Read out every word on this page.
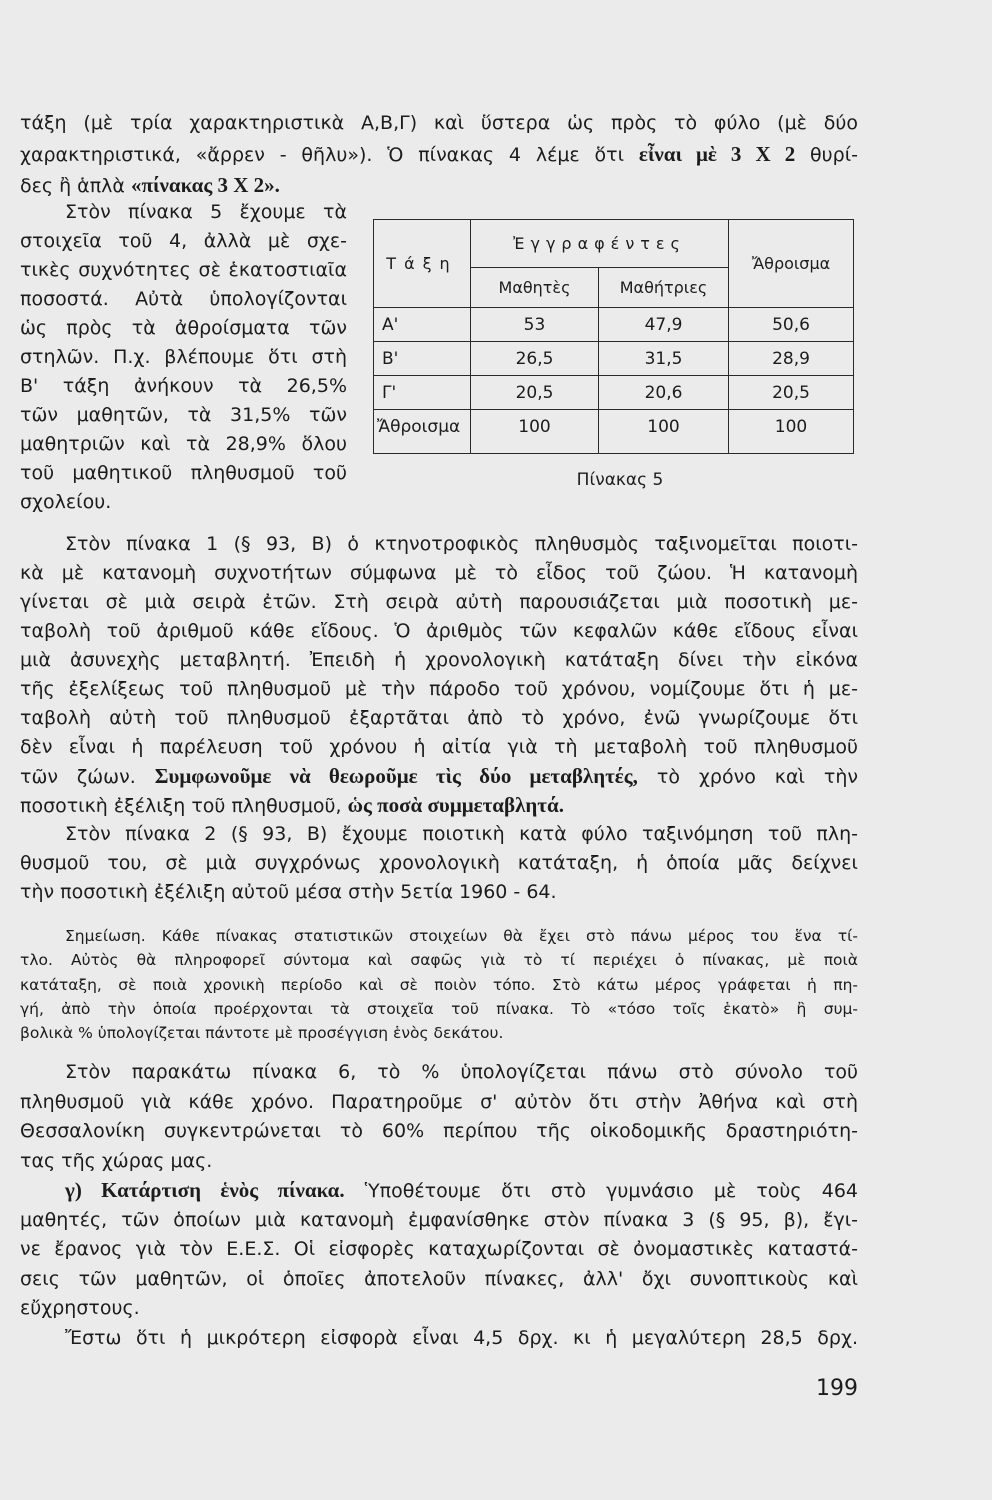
τάξη (μὲ τρία χαρακτηριστικὰ Α,Β,Γ) καὶ ὕστερα ὡς πρὸς τὸ φύλο (μὲ δύο
χαρακτηριστικά, «ἄρρεν - θῆλυ»). Ὁ πίνακας 4 λέμε ὅτι εἶναι μὲ 3 Χ 2 θυρί-
δες ἢ ἁπλὰ «πίνακας 3 Χ 2».
Στὸν πίνακα 5 ἔχουμε τὰ
στοιχεῖα τοῦ 4, ἀλλὰ μὲ σχε-
τικὲς συχνότητες σὲ ἑκατοστιαῖα
ποσοστά. Αὐτὰ ὑπολογίζονται
ὡς πρὸς τὰ ἀθροίσματα τῶν
στηλῶν. Π.χ. βλέπουμε ὅτι στὴ
Β' τάξη ἀνήκουν τὰ 26,5%
τῶν μαθητῶν, τὰ 31,5% τῶν
μαθητριῶν καὶ τὰ 28,9% ὅλου
τοῦ μαθητικοῦ πληθυσμοῦ τοῦ
σχολείου.
Τάξη	Ἐγγραφέντες		Ἄθροισμα
	Μαθητὲς	Μαθήτριες	
Α'	53	47,9	50,6
Β'	26,5	31,5	28,9
Γ'	20,5	20,6	20,5
Ἄθροισμα	100	100	100
Πίνακας 5
Στὸν πίνακα 1 (§ 93, Β) ὁ κτηνοτροφικὸς πληθυσμὸς ταξινομεῖται ποιοτι-
κὰ μὲ κατανομὴ συχνοτήτων σύμφωνα μὲ τὸ εἶδος τοῦ ζώου. Ἡ κατανομὴ
γίνεται σὲ μιὰ σειρὰ ἐτῶν. Στὴ σειρὰ αὐτὴ παρουσιάζεται μιὰ ποσοτικὴ με-
ταβολὴ τοῦ ἀριθμοῦ κάθε εἴδους. Ὁ ἀριθμὸς τῶν κεφαλῶν κάθε εἴδους εἶναι
μιὰ ἀσυνεχὴς μεταβλητή. Ἐπειδὴ ἡ χρονολογικὴ κατάταξη δίνει τὴν εἰκόνα
τῆς ἐξελίξεως τοῦ πληθυσμοῦ μὲ τὴν πάροδο τοῦ χρόνου, νομίζουμε ὅτι ἡ με-
ταβολὴ αὐτὴ τοῦ πληθυσμοῦ ἐξαρτᾶται ἀπὸ τὸ χρόνο, ἐνῶ γνωρίζουμε ὅτι
δὲν εἶναι ἡ παρέλευση τοῦ χρόνου ἡ αἰτία γιὰ τὴ μεταβολὴ τοῦ πληθυσμοῦ
τῶν ζώων. Συμφωνοῦμε νὰ θεωροῦμε τὶς δύο μεταβλητές, τὸ χρόνο καὶ τὴν
ποσοτικὴ ἐξέλιξη τοῦ πληθυσμοῦ, ὡς ποσὰ συμμεταβλητά.
Στὸν πίνακα 2 (§ 93, Β) ἔχουμε ποιοτικὴ κατὰ φύλο ταξινόμηση τοῦ πλη-
θυσμοῦ του, σὲ μιὰ συγχρόνως χρονολογικὴ κατάταξη, ἡ ὁποία μᾶς δείχνει
τὴν ποσοτικὴ ἐξέλιξη αὐτοῦ μέσα στὴν 5ετία 1960 - 64.
Σημείωση. Κάθε πίνακας στατιστικῶν στοιχείων θὰ ἔχει στὸ πάνω μέρος του ἕνα τί-
τλο. Αὐτὸς θὰ πληροφορεῖ σύντομα καὶ σαφῶς γιὰ τὸ τί περιέχει ὁ πίνακας, μὲ ποιὰ
κατάταξη, σὲ ποιὰ χρονικὴ περίοδο καὶ σὲ ποιὸν τόπο. Στὸ κάτω μέρος γράφεται ἡ πη-
γή, ἀπὸ τὴν ὁποία προέρχονται τὰ στοιχεῖα τοῦ πίνακα. Τὸ «τόσο τοῖς ἑκατὸ» ἢ συμ-
βολικὰ % ὑπολογίζεται πάντοτε μὲ προσέγγιση ἑνὸς δεκάτου.
Στὸν παρακάτω πίνακα 6, τὸ % ὑπολογίζεται πάνω στὸ σύνολο τοῦ
πληθυσμοῦ γιὰ κάθε χρόνο. Παρατηροῦμε σ' αὐτὸν ὅτι στὴν Ἀθήνα καὶ στὴ
Θεσσαλονίκη συγκεντρώνεται τὸ 60% περίπου τῆς οἰκοδομικῆς δραστηριότη-
τας τῆς χώρας μας.
γ) Κατάρτιση ἑνὸς πίνακα. Ὑποθέτουμε ὅτι στὸ γυμνάσιο μὲ τοὺς 464
μαθητές, τῶν ὁποίων μιὰ κατανομὴ ἐμφανίσθηκε στὸν πίνακα 3 (§ 95, β), ἔγι-
νε ἔρανος γιὰ τὸν Ε.Ε.Σ. Οἱ εἰσφορὲς καταχωρίζονται σὲ ὀνομαστικὲς καταστά-
σεις τῶν μαθητῶν, οἱ ὁποῖες ἀποτελοῦν πίνακες, ἀλλ' ὄχι συνοπτικοὺς καὶ
εὔχρηστους.
Ἔστω ὅτι ἡ μικρότερη εἰσφορὰ εἶναι 4,5 δρχ. κι ἡ μεγαλύτερη 28,5 δρχ.
199
